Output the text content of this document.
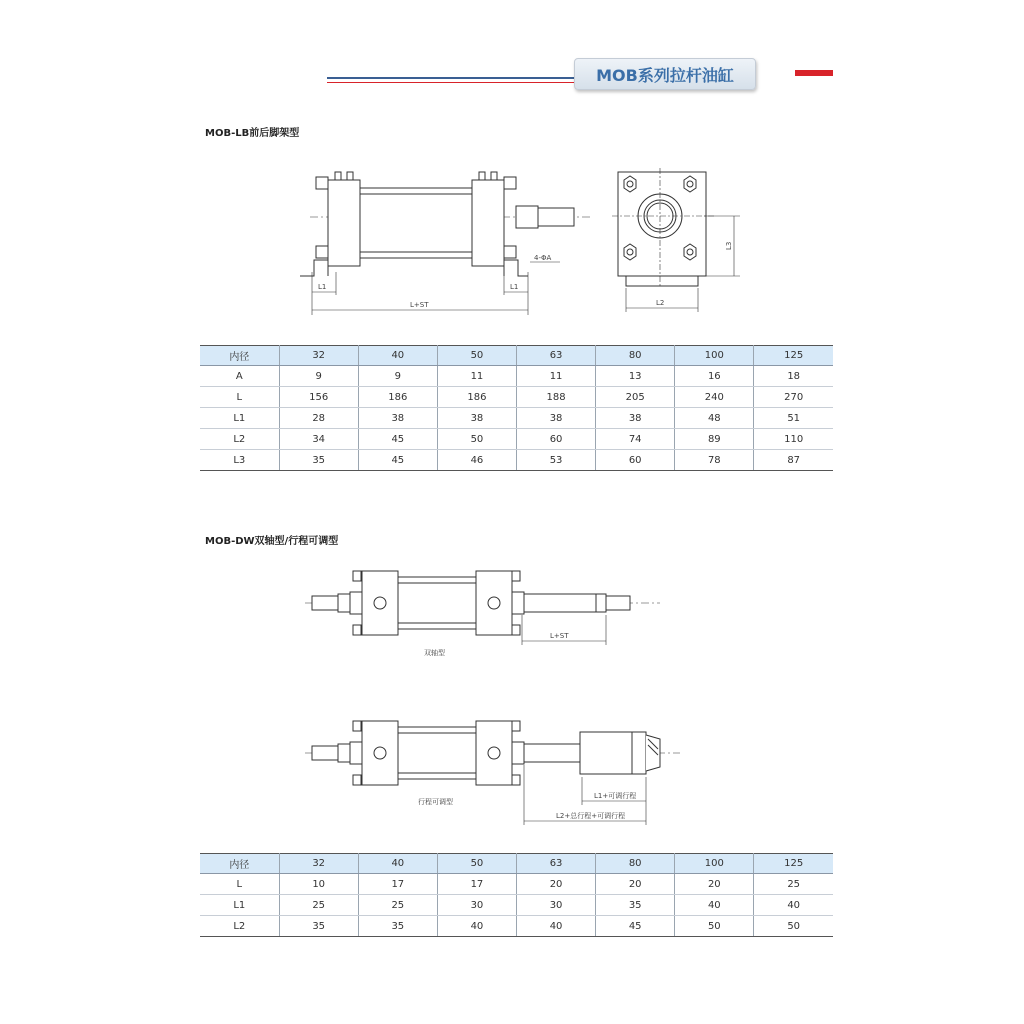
MOB系列拉杆油缸
MOB-LB前后脚架型
L1	L1
L+ST
4-ΦA
L2
L3
内径	32	40	50	63	80	100	125
A	9	9	11	11	13	16	18
L	156	186	186	188	205	240	270
L1	28	38	38	38	38	48	51
L2	34	45	50	60	74	89	110
L3	35	45	46	53	60	78	87
MOB-DW双轴型/行程可调型
L+ST
双轴型
L1+可调行程
L2+总行程+可调行程
行程可调型
内径	32	40	50	63	80	100	125
L	10	17	17	20	20	20	25
L1	25	25	30	30	35	40	40
L2	35	35	40	40	45	50	50
